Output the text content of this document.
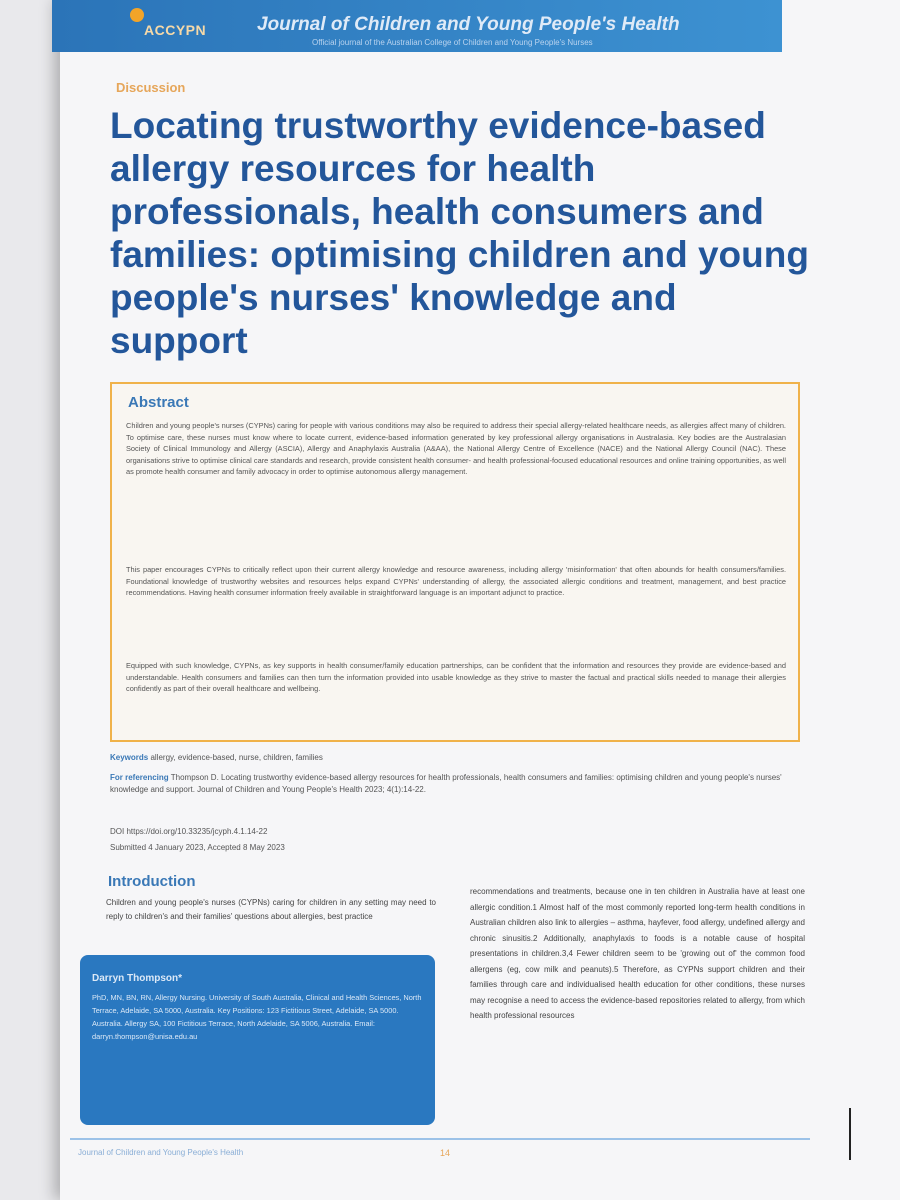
ACCYPN	Journal of Children and Young People's Health
Official journal of the Australian College of Children and Young People's Nurses
Discussion
Locating trustworthy evidence-based allergy resources for health professionals, health consumers and families: optimising children and young people's nurses' knowledge and support
Abstract

Children and young people's nurses (CYPNs) caring for people with various conditions may also be required to address their special allergy-related healthcare needs, as allergies affect many of children. To optimise care, these nurses must know where to locate current, evidence-based information generated by key professional allergy organisations in Australasia. Key bodies are the Australasian Society of Clinical Immunology and Allergy (ASCIA), Allergy and Anaphylaxis Australia (A&AA), the National Allergy Centre of Excellence (NACE) and the National Allergy Council (NAC). These organisations strive to optimise clinical care standards and research, provide consistent health consumer- and health professional-focused educational resources and online training opportunities, as well as promote health consumer and family advocacy in order to optimise autonomous allergy management.

This paper encourages CYPNs to critically reflect upon their current allergy knowledge and resource awareness, including allergy 'misinformation' that often abounds for health consumers/families. Foundational knowledge of trustworthy websites and resources helps expand CYPNs' understanding of allergy, the associated allergic conditions and treatment, management, and best practice recommendations. Having health consumer information freely available in straightforward language is an important adjunct to practice.

Equipped with such knowledge, CYPNs, as key supports in health consumer/family education partnerships, can be confident that the information and resources they provide are evidence-based and understandable. Health consumers and families can then turn the information provided into usable knowledge as they strive to master the factual and practical skills needed to manage their allergies confidently as part of their overall healthcare and wellbeing.

Keywords allergy, evidence-based, nurse, children, families
For referencing Thompson D. Locating trustworthy evidence-based allergy resources for health professionals, health consumers and families: optimising children and young people's nurses' knowledge and support. Journal of Children and Young People's Health 2023; 4(1):14-22.
DOI https://doi.org/10.33235/jcyph.4.1.14-22
Submitted 4 January 2023, Accepted 8 May 2023
Introduction

Children and young people's nurses (CYPNs) caring for children in any setting may need to reply to children's and their families' questions about allergies, best practice

recommendations and treatments, because one in ten children in Australia have at least one allergic condition.1 Almost half of the most commonly reported long-term health conditions in Australian children also link to allergies – asthma, hayfever, food allergy, undefined allergy and chronic sinusitis.2 Additionally, anaphylaxis to foods is a notable cause of hospital presentations in children.3,4 Fewer children seem to be 'growing out of' the common food allergens (eg, cow milk and peanuts).5 Therefore, as CYPNs support children and their families through care and individualised health education for other conditions, these nurses may recognise a need to access the evidence-based repositories related to allergy, from which health professional resources

Darryn Thompson*
PhD, MN, BN, RN, Allergy Nursing. University of South Australia, Clinical and Health Sciences, North Terrace, Adelaide, SA 5000, Australia. Key Positions: 123 Fictitious Street, Adelaide, SA 5000. Australia. Allergy SA, 100 Fictitious Terrace, North Adelaide, SA 5006, Australia. Email: darryn.thompson@unisa.edu.au
Journal of Children and Young People's Health	14
